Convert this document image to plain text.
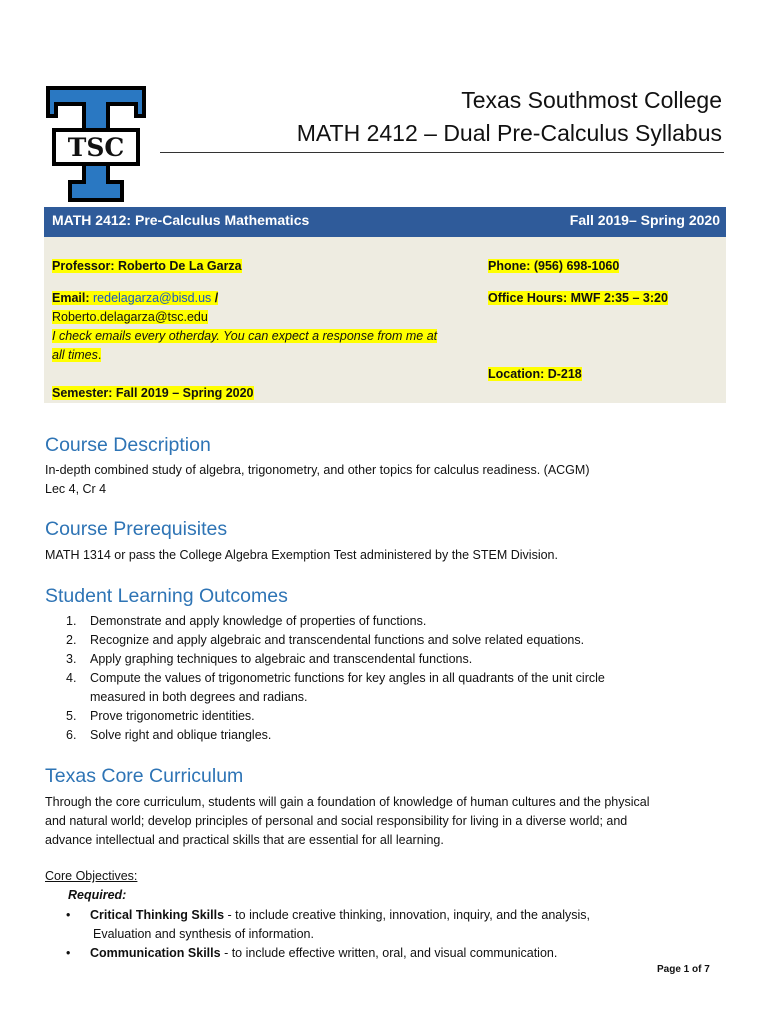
TSC
Texas Southmost College
MATH 2412 – Dual Pre-Calculus Syllabus
MATH 2412: Pre-Calculus Mathematics	Fall 2019– Spring 2020
Professor: Roberto De La Garza	Phone: (956) 698-1060
Email: redelagarza@bisd.us /
Roberto.delagarza@tsc.edu
I check emails every otherday. You can expect a response from me at
all times.
Office Hours: MWF 2:35 – 3:20
Location: D-218
Semester: Fall 2019 – Spring 2020
Course Description
In-depth combined study of algebra, trigonometry, and other topics for calculus readiness. (ACGM)
Lec 4, Cr 4
Course Prerequisites
MATH 1314 or pass the College Algebra Exemption Test administered by the STEM Division.
Student Learning Outcomes
1. Demonstrate and apply knowledge of properties of functions.
2. Recognize and apply algebraic and transcendental functions and solve related equations.
3. Apply graphing techniques to algebraic and transcendental functions.
4. Compute the values of trigonometric functions for key angles in all quadrants of the unit circle
measured in both degrees and radians.
5. Prove trigonometric identities.
6. Solve right and oblique triangles.
Texas Core Curriculum
Through the core curriculum, students will gain a foundation of knowledge of human cultures and the physical
and natural world; develop principles of personal and social responsibility for living in a diverse world; and
advance intellectual and practical skills that are essential for all learning.
Core Objectives:
Required:
• Critical Thinking Skills - to include creative thinking, innovation, inquiry, and the analysis,
Evaluation and synthesis of information.
• Communication Skills - to include effective written, oral, and visual communication.
Page 1 of 7
